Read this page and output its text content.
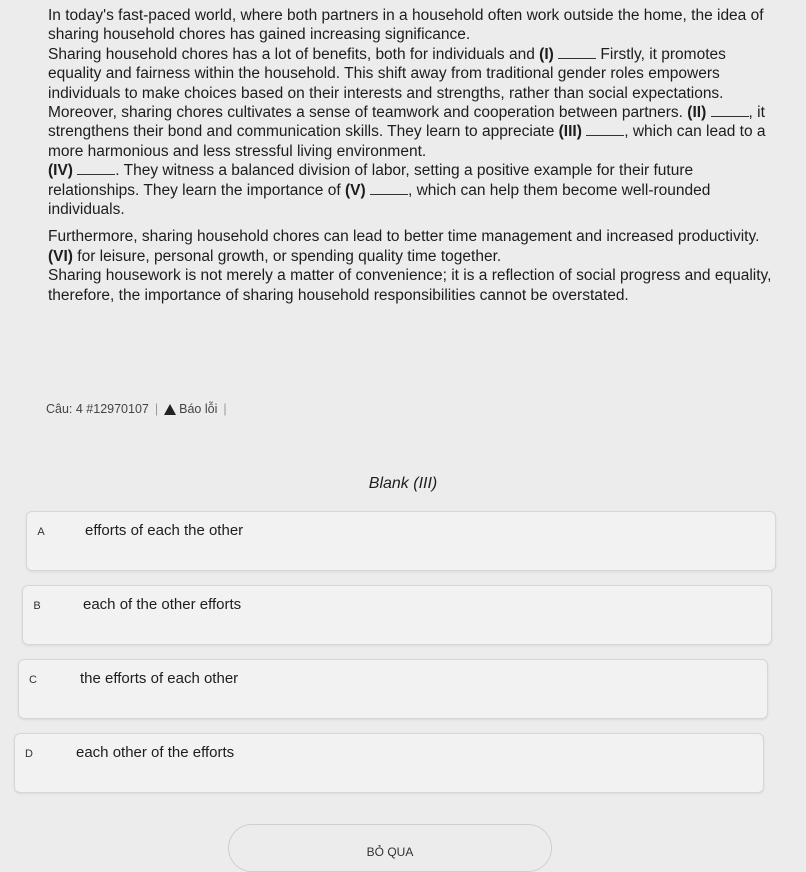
In today's fast-paced world, where both partners in a household often work outside the home, the idea of sharing household chores has gained increasing significance.
Sharing household chores has a lot of benefits, both for individuals and (I)	Firstly, it promotes equality and fairness within the household. This shift away from traditional gender roles empowers individuals to make choices based on their interests and strengths, rather than social expectations. Moreover, sharing chores cultivates a sense of teamwork and cooperation between partners. (II)	, it strengthens their bond and communication skills. They learn to appreciate (III)	, which can lead to a more harmonious and less stressful living environment.

(IV)	. They witness a balanced division of labor, setting a positive example for their future relationships. They learn the importance of (V)	, which can help them become well-rounded individuals.

Furthermore, sharing household chores can lead to better time management and increased productivity. (VI) for leisure, personal growth, or spending quality time together.
Sharing housework is not merely a matter of convenience; it is a reflection of social progress and equality, therefore, the importance of sharing household responsibilities cannot be overstated.

Câu: 4 #12970107 | Báo lỗi |
Blank (III)
A	efforts of each the other
B	each of the other efforts
C	the efforts of each other
D	each other of the efforts
BỎ QUA
